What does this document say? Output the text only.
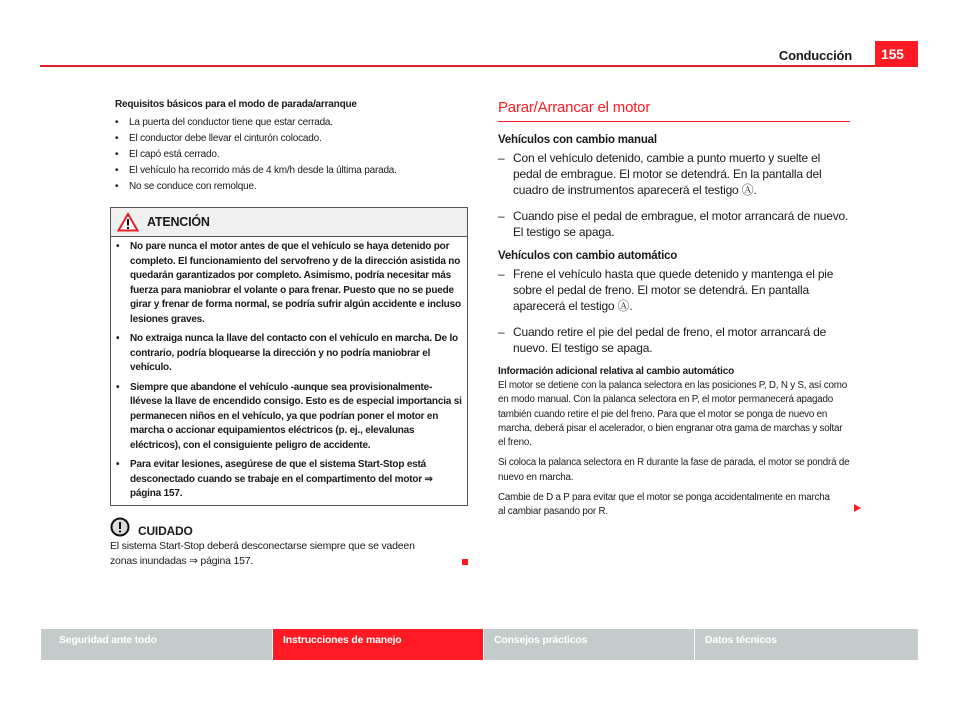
Conducción	155
Requisitos básicos para el modo de parada/arranque
• La puerta del conductor tiene que estar cerrada.
• El conductor debe llevar el cinturón colocado.
• El capó está cerrado.
• El vehículo ha recorrido más de 4 km/h desde la última parada.
• No se conduce con remolque.
ATENCIÓN

• No pare nunca el motor antes de que el vehículo se haya detenido por completo. El funcionamiento del servofreno y de la dirección asistida no quedarán garantizados por completo. Asimismo, podría necesitar más fuerza para maniobrar el volante o para frenar. Puesto que no se puede girar y frenar de forma normal, se podría sufrir algún accidente e incluso lesiones graves.

• No extraiga nunca la llave del contacto con el vehículo en marcha. De lo contrario, podría bloquearse la dirección y no podría maniobrar el vehículo.

• Siempre que abandone el vehículo -aunque sea provisionalmente- llévese la llave de encendido consigo. Esto es de especial importancia si permanecen niños en el vehículo, ya que podrían poner el motor en marcha o accionar equipamientos eléctricos (p. ej., elevalunas eléctricos), con el consiguiente peligro de accidente.

• Para evitar lesiones, asegúrese de que el sistema Start-Stop está desconectado cuando se trabaje en el compartimento del motor ⇒ página 157.

CUIDADO
El sistema Start-Stop deberá desconectarse siempre que se vadeen zonas inundadas ⇒ página 157.
Parar/Arrancar el motor
Vehículos con cambio manual

– Con el vehículo detenido, cambie a punto muerto y suelte el pedal de embrague. El motor se detendrá. En la pantalla del cuadro de instrumentos aparecerá el testigo Ⓐ.

– Cuando pise el pedal de embrague, el motor arrancará de nuevo. El testigo se apaga.

Vehículos con cambio automático

– Frene el vehículo hasta que quede detenido y mantenga el pie sobre el pedal de freno. El motor se detendrá. En pantalla aparecerá el testigo Ⓐ.

– Cuando retire el pie del pedal de freno, el motor arrancará de nuevo. El testigo se apaga.

Información adicional relativa al cambio automático

El motor se detiene con la palanca selectora en las posiciones P, D, N y S, así como en modo manual. Con la palanca selectora en P, el motor permanecerá apagado también cuando retire el pie del freno. Para que el motor se ponga de nuevo en marcha, deberá pisar el acelerador, o bien engranar otra gama de marchas y soltar el freno.

Si coloca la palanca selectora en R durante la fase de parada, el motor se pondrá de nuevo en marcha.

Cambie de D a P para evitar que el motor se ponga accidentalmente en marcha al cambiar pasando por R.

Seguridad ante todo	Instrucciones de manejo	Consejos prácticos	Datos técnicos
